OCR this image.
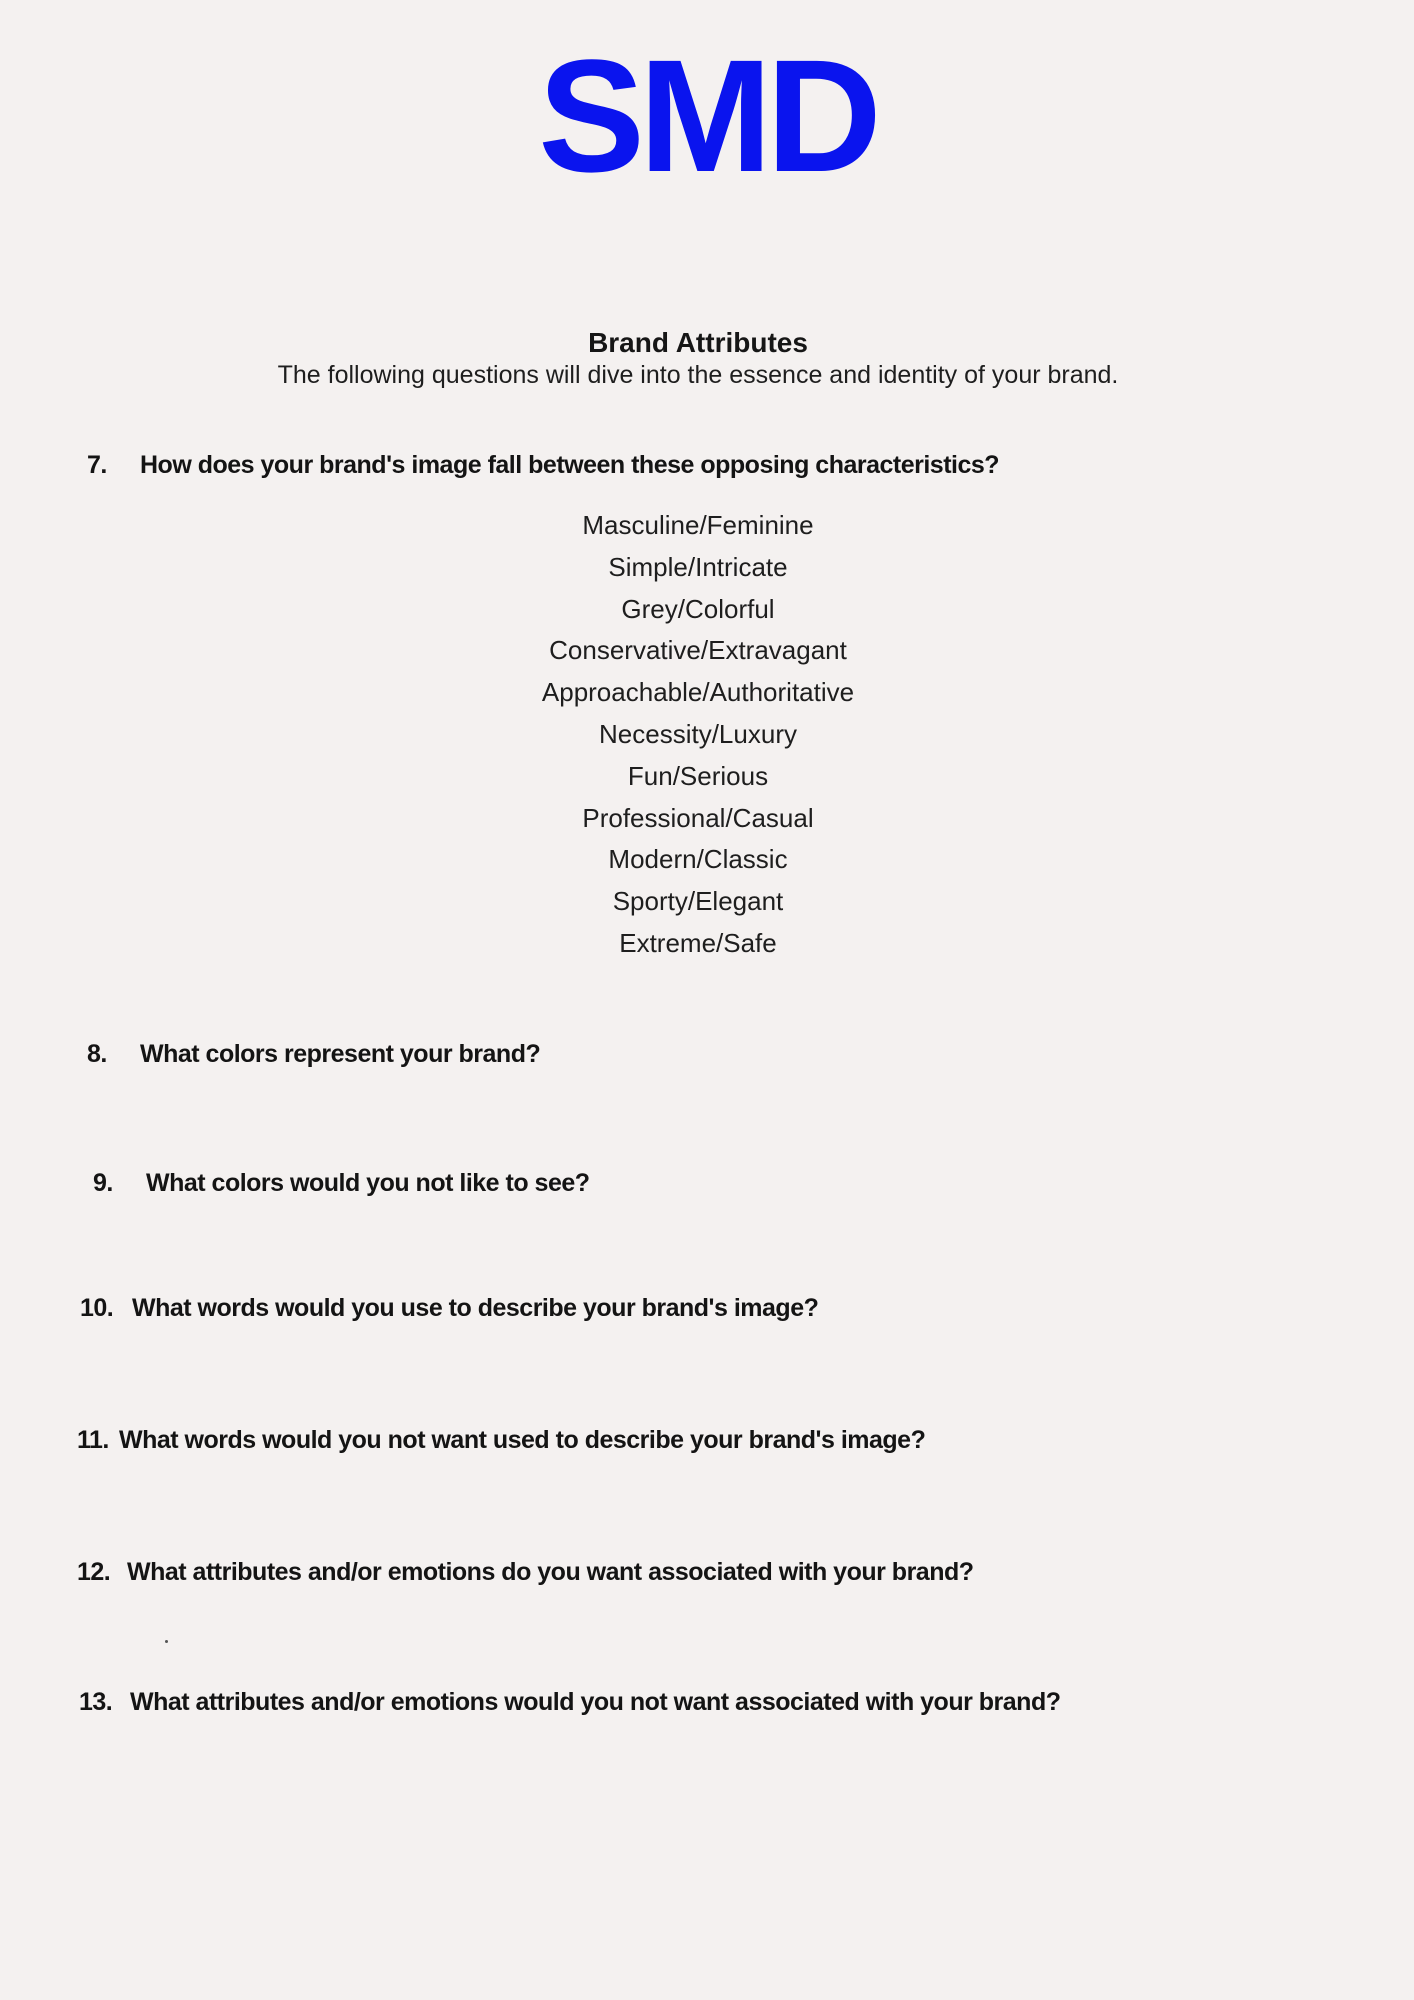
SMD
Brand Attributes
The following questions will dive into the essence and identity of your brand.
7. How does your brand's image fall between these opposing characteristics?
Masculine/Feminine
Simple/Intricate
Grey/Colorful
Conservative/Extravagant
Approachable/Authoritative
Necessity/Luxury
Fun/Serious
Professional/Casual
Modern/Classic
Sporty/Elegant
Extreme/Safe
8. What colors represent your brand?
9. What colors would you not like to see?
10. What words would you use to describe your brand's image?
11. What words would you not want used to describe your brand's image?
12. What attributes and/or emotions do you want associated with your brand?
13. What attributes and/or emotions would you not want associated with your brand?
